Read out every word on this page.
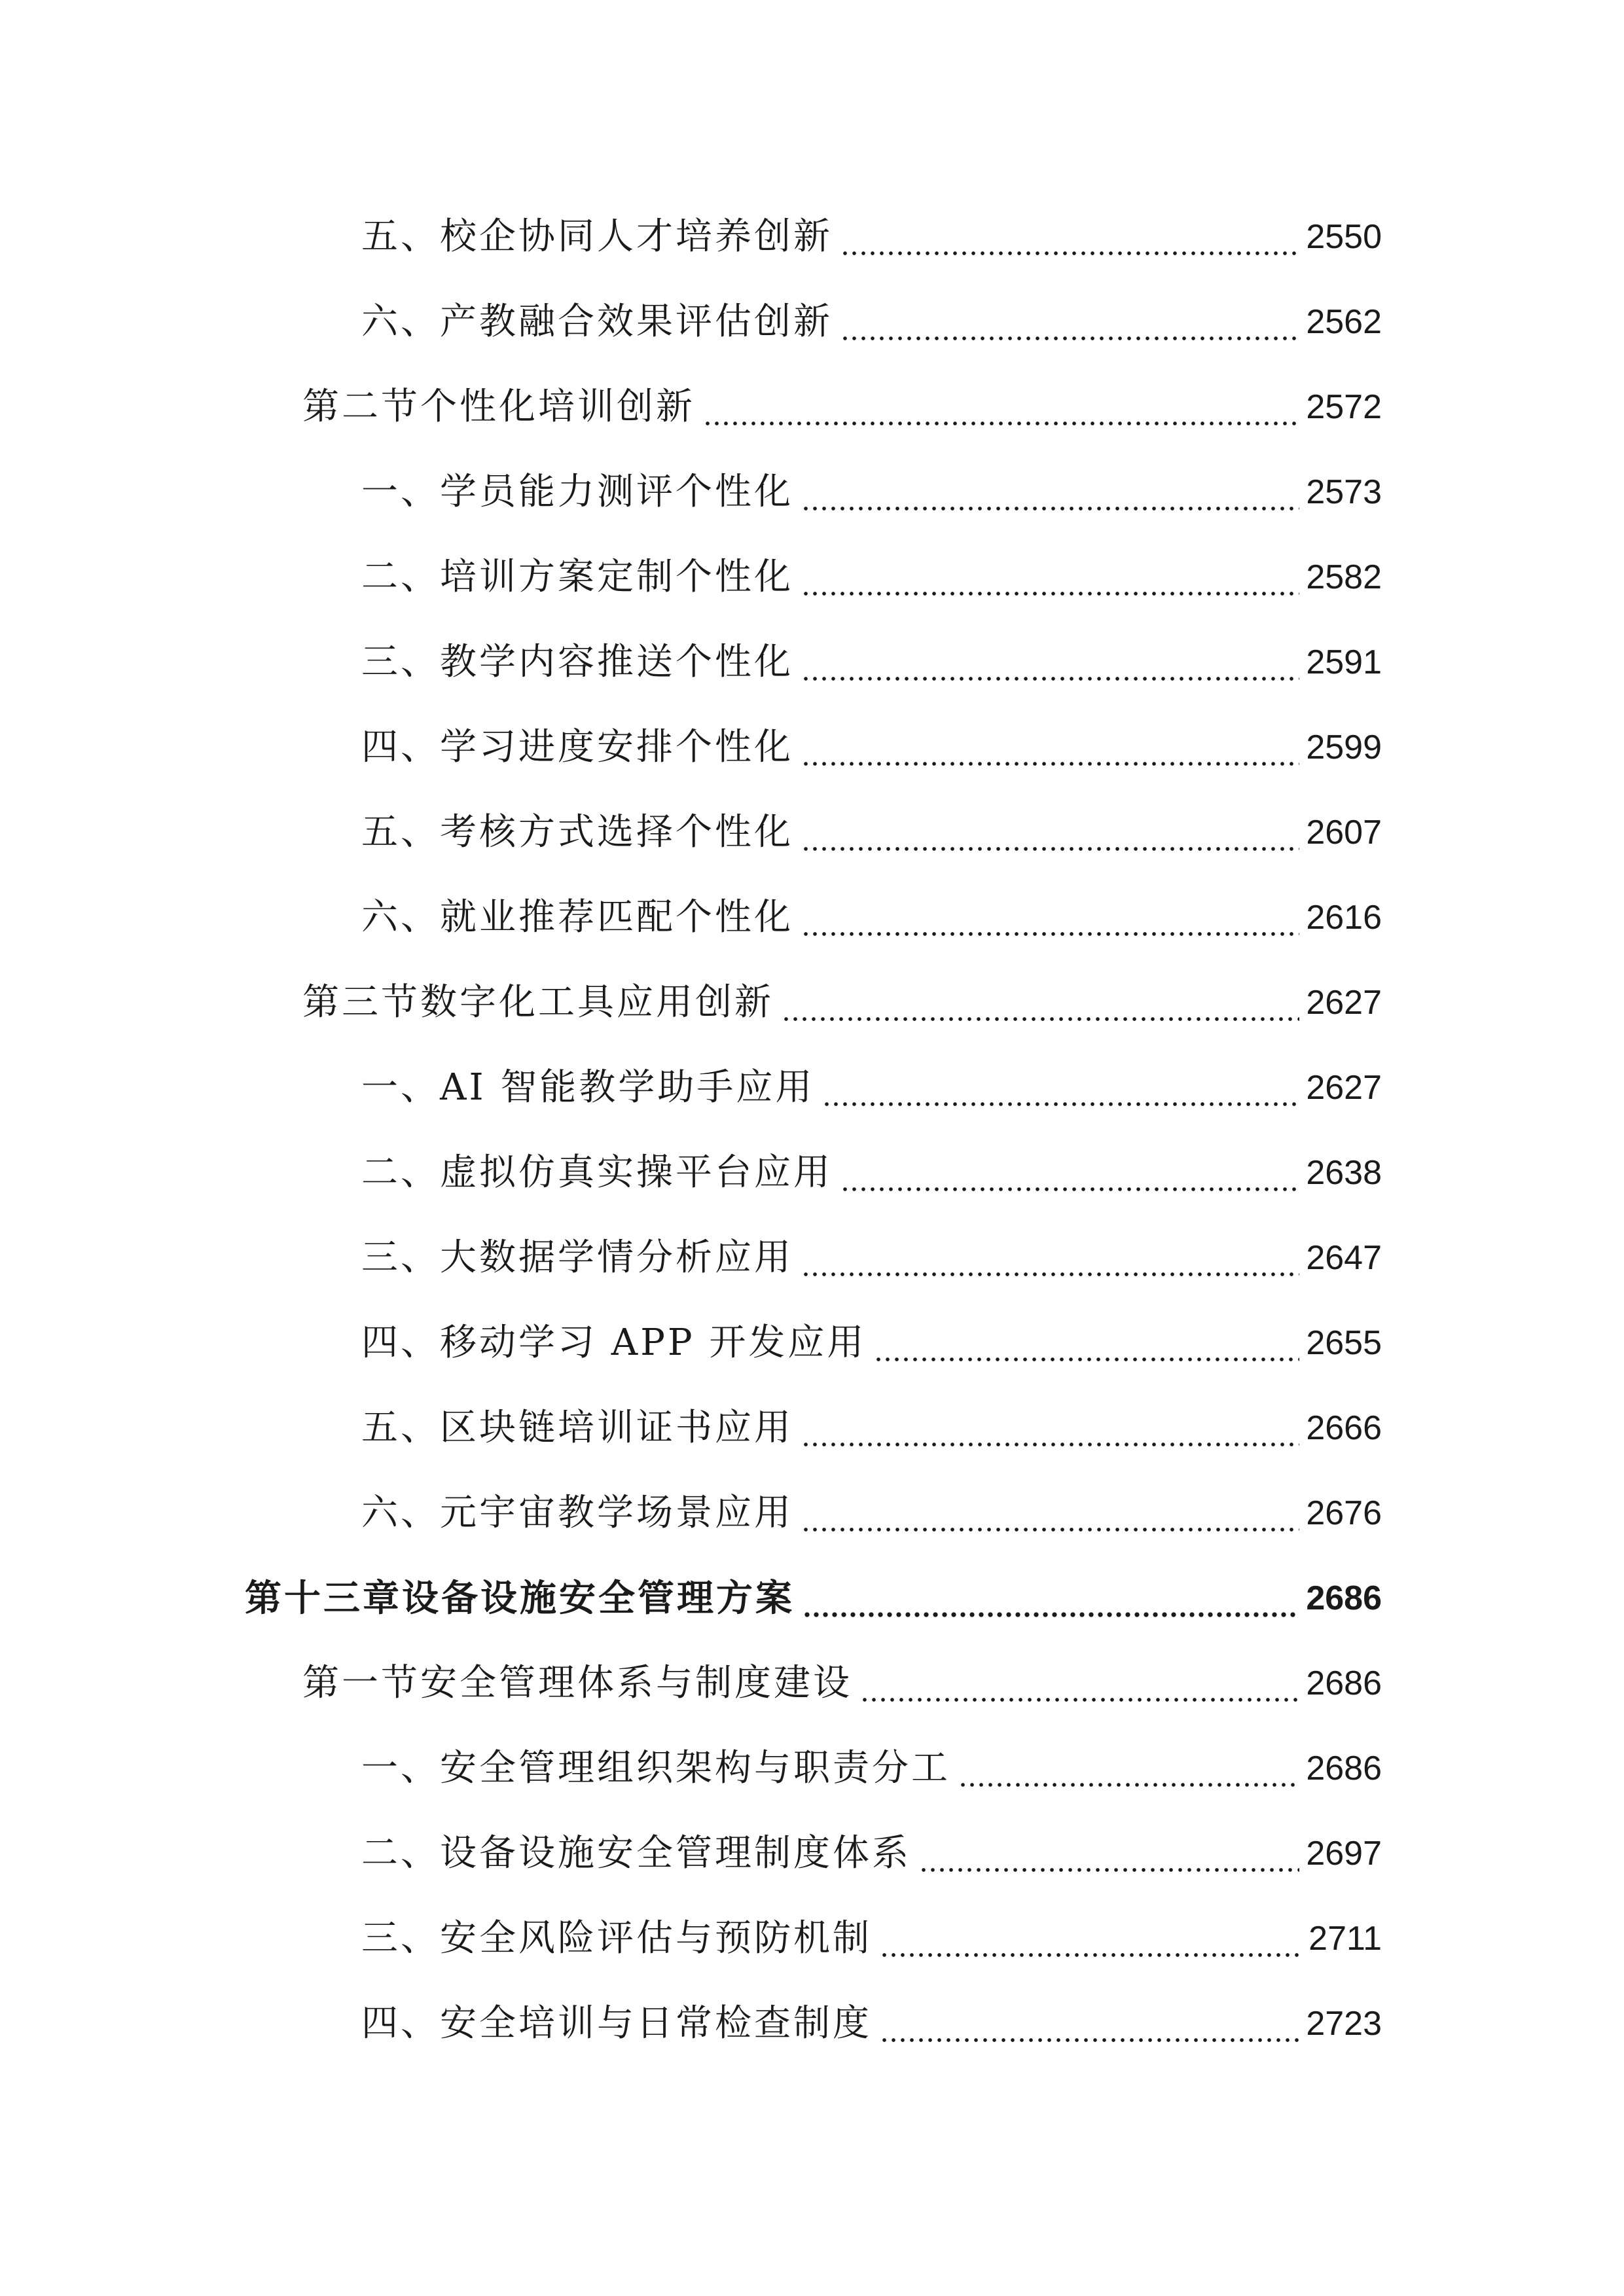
五、校企协同人才培养创新	2550
六、产教融合效果评估创新	2562
第二节个性化培训创新	2572
一、学员能力测评个性化	2573
二、培训方案定制个性化	2582
三、教学内容推送个性化	2591
四、学习进度安排个性化	2599
五、考核方式选择个性化	2607
六、就业推荐匹配个性化	2616
第三节数字化工具应用创新	2627
一、AI 智能教学助手应用	2627
二、虚拟仿真实操平台应用	2638
三、大数据学情分析应用	2647
四、移动学习 APP 开发应用	2655
五、区块链培训证书应用	2666
六、元宇宙教学场景应用	2676
第十三章设备设施安全管理方案	2686
第一节安全管理体系与制度建设	2686
一、安全管理组织架构与职责分工	2686
二、设备设施安全管理制度体系	2697
三、安全风险评估与预防机制	2711
四、安全培训与日常检查制度	2723
